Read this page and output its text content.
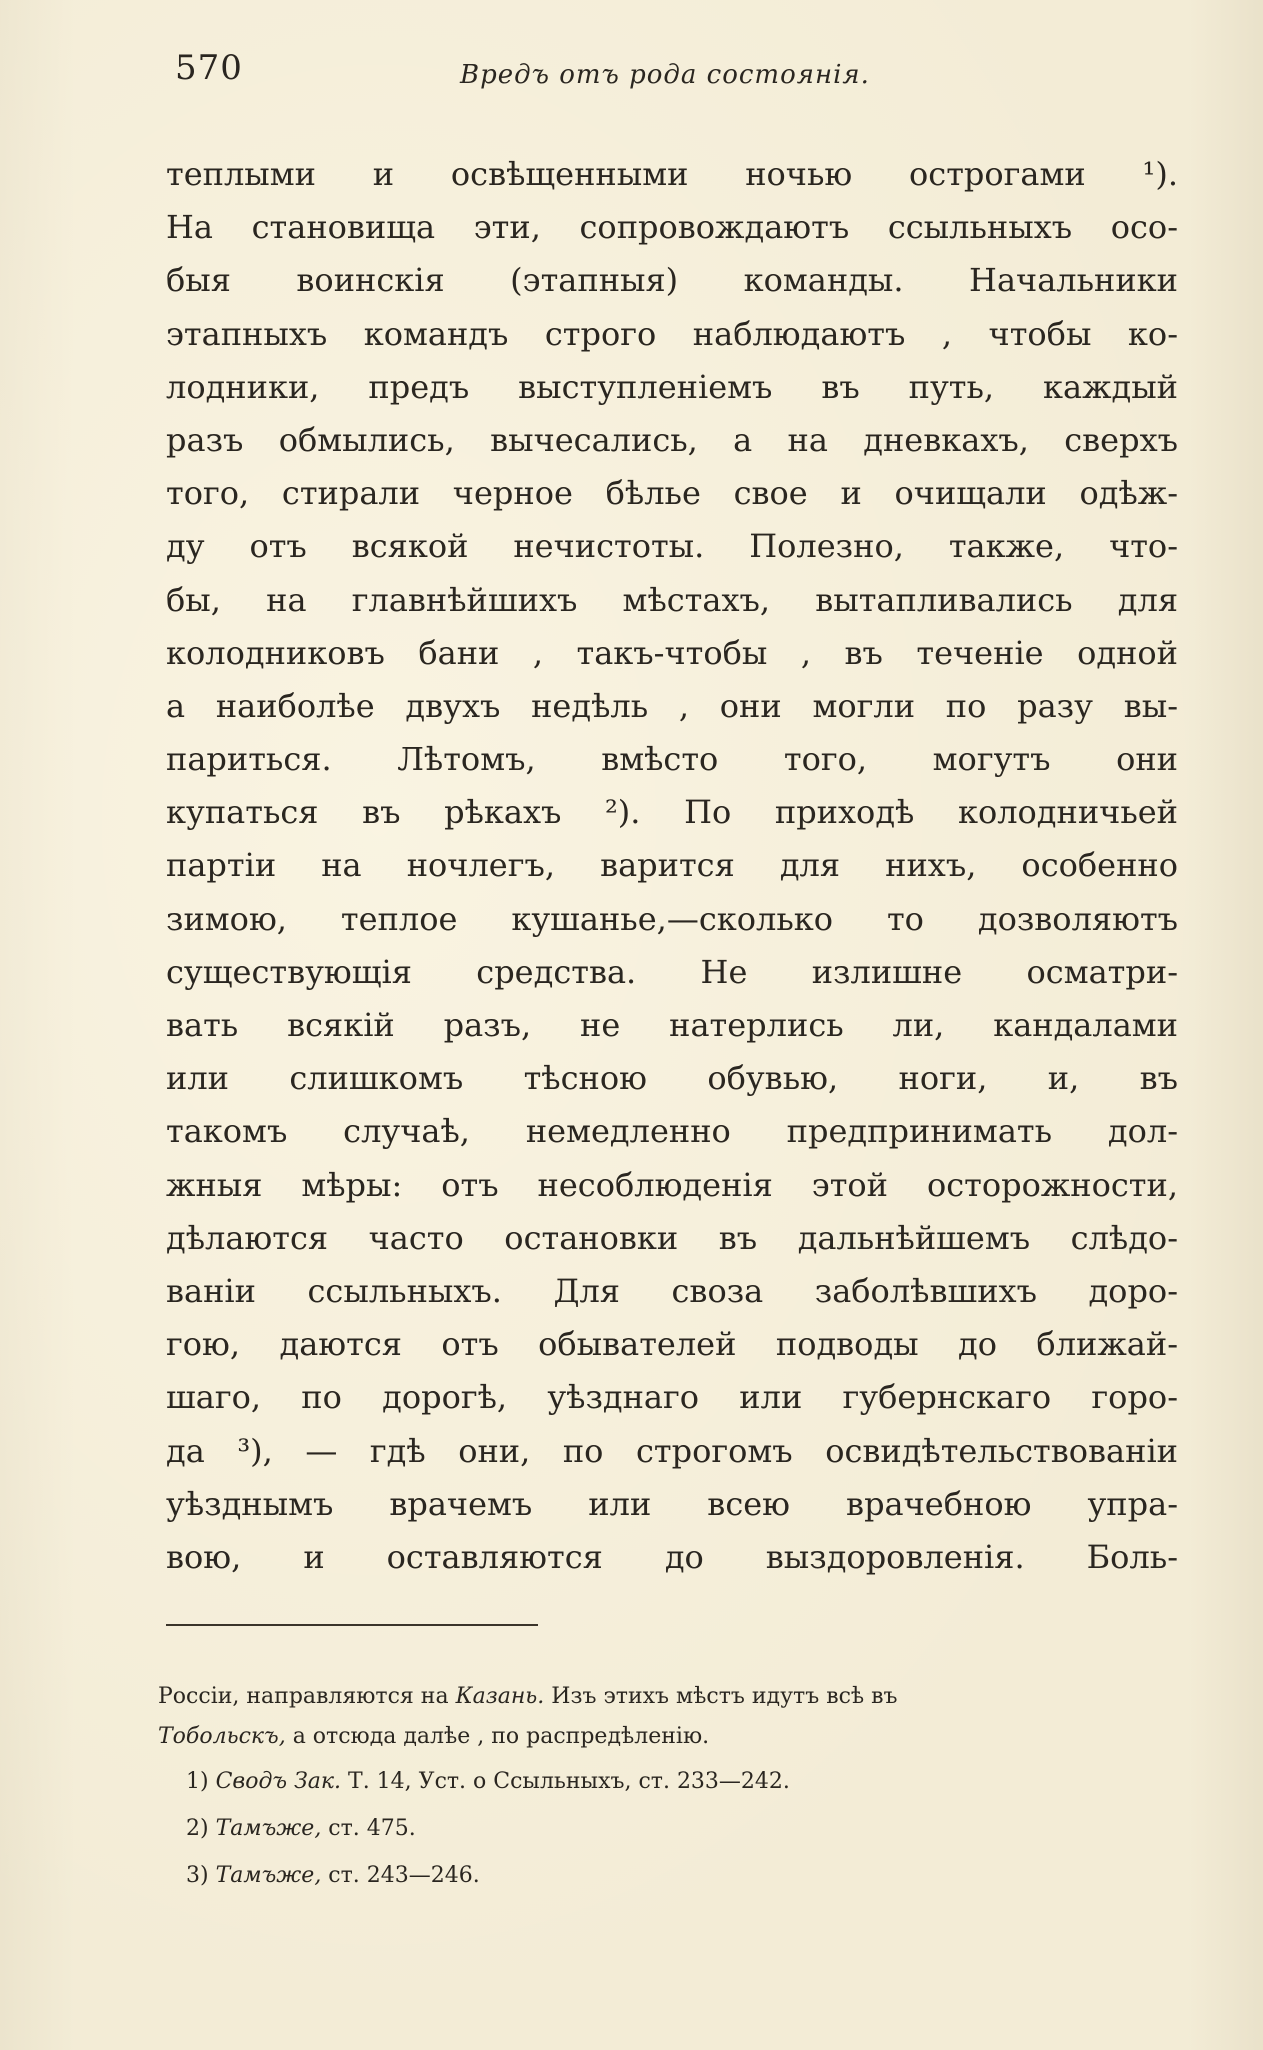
570	Вредъ отъ рода состоянія.
теплыми и освѣщенными ночью острогами ¹).
На становища эти, сопровождаютъ ссыльныхъ осо-
быя воинскія (этапныя) команды. Начальники
этапныхъ командъ строго наблюдаютъ , чтобы ко-
лодники, предъ выступленіемъ въ путь, каждый
разъ обмылись, вычесались, а на дневкахъ, сверхъ
того, стирали черное бѣлье свое и очищали одѣж-
ду отъ всякой нечистоты. Полезно, также, что-
бы, на главнѣйшихъ мѣстахъ, вытапливались для
колодниковъ бани , такъ-чтобы , въ теченіе одной
а наиболѣе двухъ недѣль , они могли по разу вы-
париться. Лѣтомъ, вмѣсто того, могутъ они
купаться въ рѣкахъ ²). По приходѣ колодничьей
партіи на ночлегъ, варится для нихъ, особенно
зимою, теплое кушанье,—сколько то дозволяютъ
существующія средства. Не излишне осматри-
вать всякій разъ, не натерлись ли, кандалами
или слишкомъ тѣсною обувью, ноги, и, въ
такомъ случаѣ, немедленно предпринимать дол-
жныя мѣры: отъ несоблюденія этой осторожности,
дѣлаются часто остановки въ дальнѣйшемъ слѣдо-
ваніи ссыльныхъ. Для своза заболѣвшихъ доро-
гою, даются отъ обывателей подводы до ближай-
шаго, по дорогѣ, уѣзднаго или губернскаго горо-
да ³), — гдѣ они, по строгомъ освидѣтельствованіи
уѣзднымъ врачемъ или всею врачебною упра-
вою, и оставляются до выздоровленія. Боль-
Россіи, направляются на Казань. Изъ этихъ мѣстъ идутъ всѣ въ
Тобольскъ, а отсюда далѣе , по распредѣленію.
1) Сводъ Зак. Т. 14, Уст. о Ссыльныхъ, ст. 233—242.
2) Тамъже, ст. 475.
3) Тамъже, ст. 243—246.
